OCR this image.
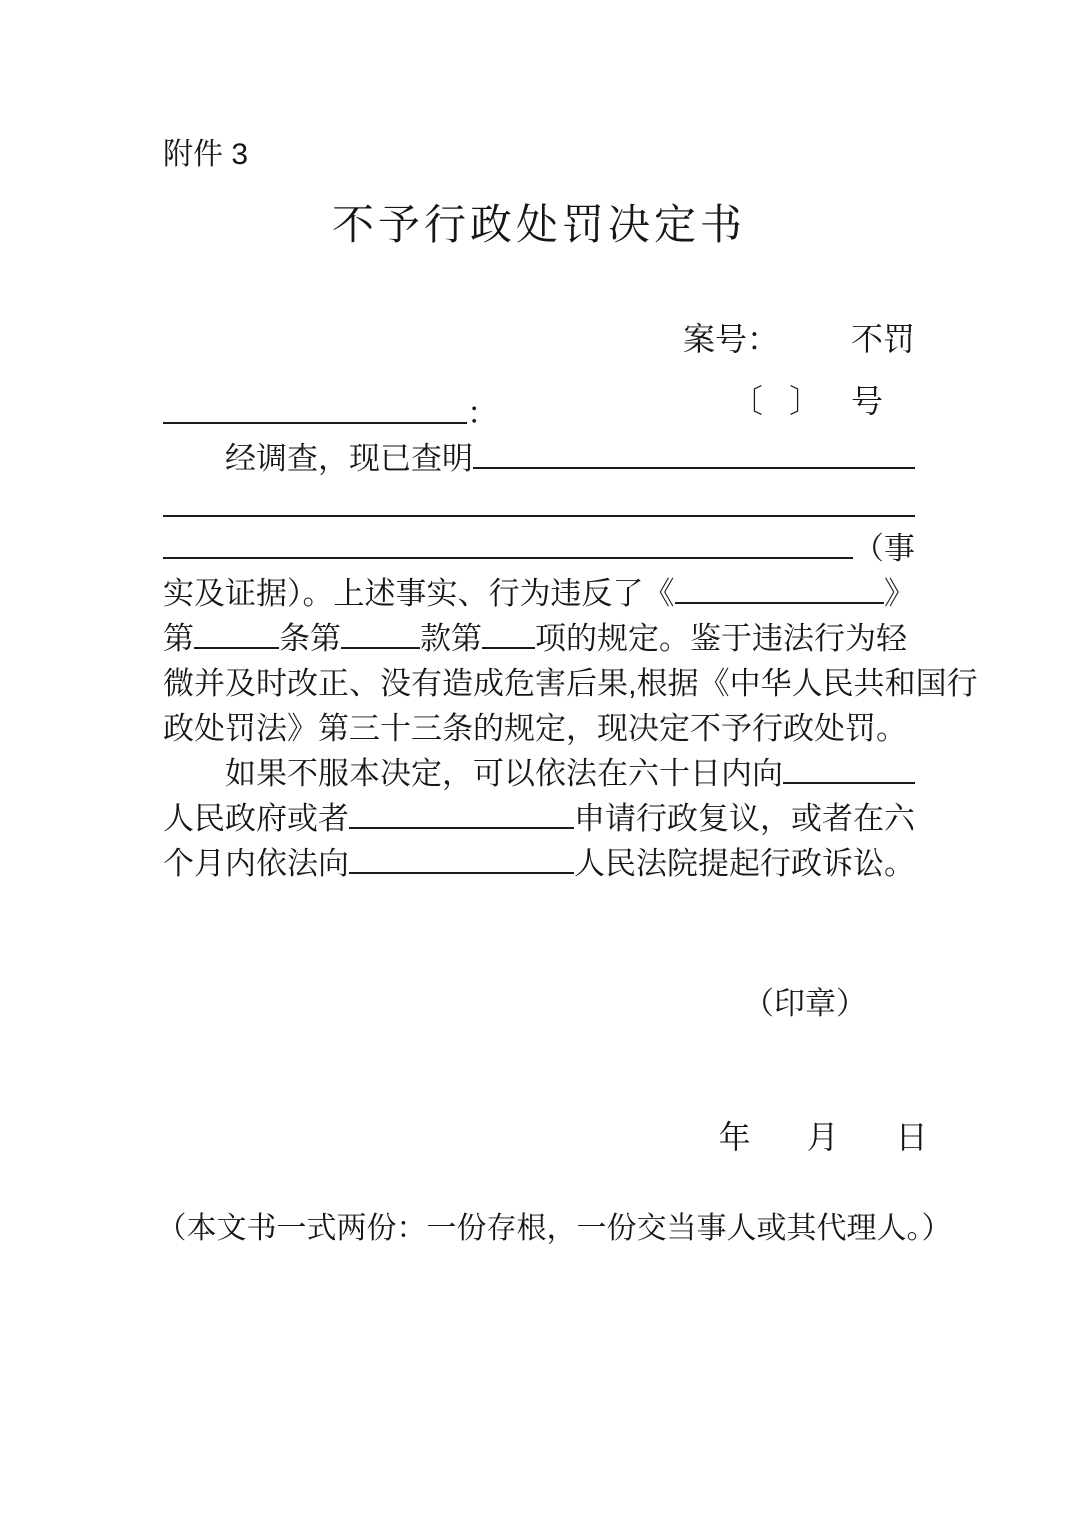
附件 3
不予行政处罚决定书

案号： 不罚

〔 〕 号

：
经调查，现已查明
（事
实及证据）。上述事实、行为违反了《	》
第	条第	款第 项的规定。鉴于违法行为轻
微并及时改正、没有造成危害后果,根据《中华人民共和国行
政处罚法》第三十三条的规定，现决定不予行政处罚。
如果不服本决定，可以依法在六十日内向
人民政府或者	申请行政复议，或者在六
个月内依法向	人民法院提起行政诉讼。
（印章）

年 月 日

（本文书一式两份：一份存根，一份交当事人或其代理人。）
